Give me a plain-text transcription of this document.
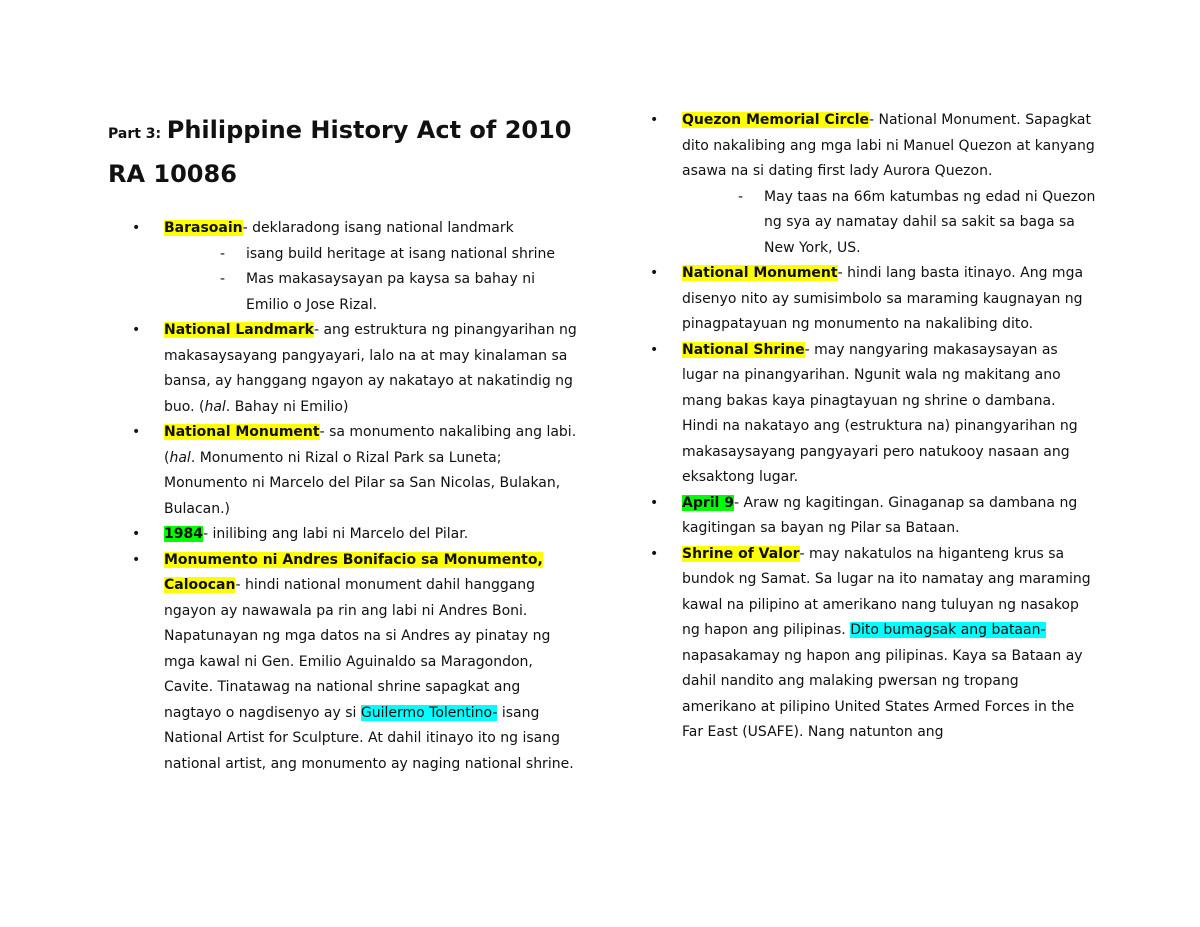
Part 3: Philippine History Act of 2010

RA 10086

• Barasoain- deklaradong isang national landmark
- isang build heritage at isang national shrine
- Mas makasaysayan pa kaysa sa bahay ni Emilio o Jose Rizal.
• National Landmark- ang estruktura ng pinangyarihan ng makasaysayang pangyayari, lalo na at may kinalaman sa bansa, ay hanggang ngayon ay nakatayo at nakatindig ng buo. (hal. Bahay ni Emilio)
• National Monument- sa monumento nakalibing ang labi. (hal. Monumento ni Rizal o Rizal Park sa Luneta; Monumento ni Marcelo del Pilar sa San Nicolas, Bulakan, Bulacan.)
• 1984- inilibing ang labi ni Marcelo del Pilar.
• Monumento ni Andres Bonifacio sa Monumento, Caloocan- hindi national monument dahil hanggang ngayon ay nawawala pa rin ang labi ni Andres Boni. Napatunayan ng mga datos na si Andres ay pinatay ng mga kawal ni Gen. Emilio Aguinaldo sa Maragondon, Cavite. Tinatawag na national shrine sapagkat ang nagtayo o nagdisenyo ay si Guilermo Tolentino- isang National Artist for Sculpture. At dahil itinayo ito ng isang national artist, ang monumento ay naging national shrine.
• Quezon Memorial Circle- National Monument. Sapagkat dito nakalibing ang mga labi ni Manuel Quezon at kanyang asawa na si dating first lady Aurora Quezon.
- May taas na 66m katumbas ng edad ni Quezon ng sya ay namatay dahil sa sakit sa baga sa New York, US.
• National Monument- hindi lang basta itinayo. Ang mga disenyo nito ay sumisimbolo sa maraming kaugnayan ng pinagpatayuan ng monumento na nakalibing dito.
• National Shrine- may nangyaring makasaysayan as lugar na pinangyarihan. Ngunit wala ng makitang ano mang bakas kaya pinagtayuan ng shrine o dambana. Hindi na nakatayo ang (estruktura na) pinangyarihan ng makasaysayang pangyayari pero natukooy nasaan ang eksaktong lugar.
• April 9- Araw ng kagitingan. Ginaganap sa dambana ng kagitingan sa bayan ng Pilar sa Bataan.
• Shrine of Valor- may nakatulos na higanteng krus sa bundok ng Samat. Sa lugar na ito namatay ang maraming kawal na pilipino at amerikano nang tuluyan ng nasakop ng hapon ang pilipinas. Dito bumagsak ang bataan- napasakamay ng hapon ang pilipinas. Kaya sa Bataan ay dahil nandito ang malaking pwersan ng tropang amerikano at pilipino United States Armed Forces in the Far East (USAFE). Nang natunton ang
